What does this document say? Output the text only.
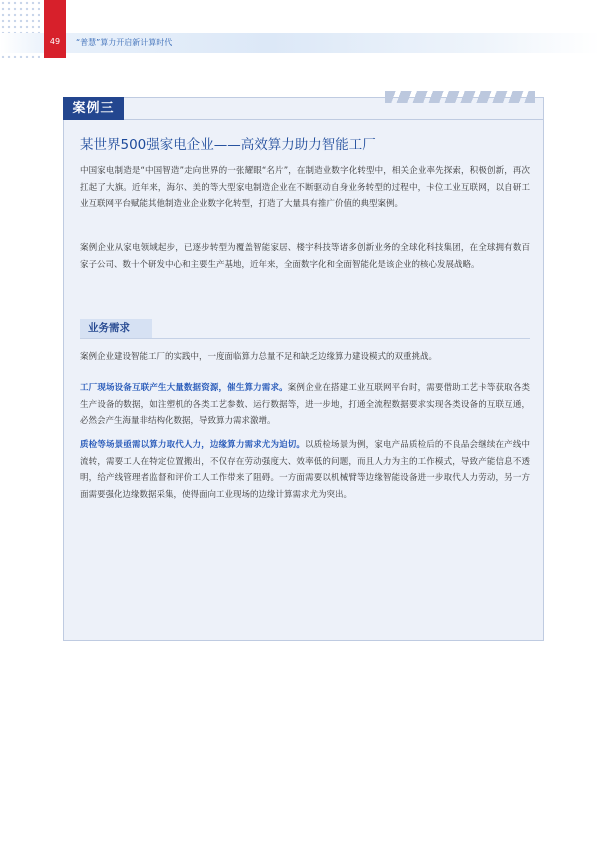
49	“普慧”算力开启新计算时代
案例三
某世界500强家电企业——高效算力助力智能工厂

中国家电制造是“中国智造”走向世界的一张耀眼“名片”，在制造业数字化转型中，相关企业率先探索，积极创新，再次扛起了大旗。近年来，海尔、美的等大型家电制造企业在不断驱动自身业务转型的过程中，卡位工业互联网，以自研工业互联网平台赋能其他制造业企业数字化转型，打造了大量具有推广价值的典型案例。

案例企业从家电领域起步，已逐步转型为覆盖智能家居、楼宇科技等诸多创新业务的全球化科技集团，在全球拥有数百家子公司、数十个研发中心和主要生产基地，近年来，全面数字化和全面智能化是该企业的核心发展战略。

业务需求

案例企业建设智能工厂的实践中，一度面临算力总量不足和缺乏边缘算力建设模式的双重挑战。

工厂现场设备互联产生大量数据资源，催生算力需求。案例企业在搭建工业互联网平台时，需要借助工艺卡等获取各类生产设备的数据，如注塑机的各类工艺参数、运行数据等，进一步地，打通全流程数据要求实现各类设备的互联互通，必然会产生海量非结构化数据，导致算力需求激增。

质检等场景亟需以算力取代人力，边缘算力需求尤为迫切。以质检场景为例，家电产品质检后的不良品会继续在产线中流转，需要工人在特定位置搬出，不仅存在劳动强度大、效率低的问题，而且人力为主的工作模式，导致产能信息不透明，给产线管理者监督和评价工人工作带来了阻碍。一方面需要以机械臂等边缘智能设备进一步取代人力劳动，另一方面需要强化边缘数据采集，使得面向工业现场的边缘计算需求尤为突出。
